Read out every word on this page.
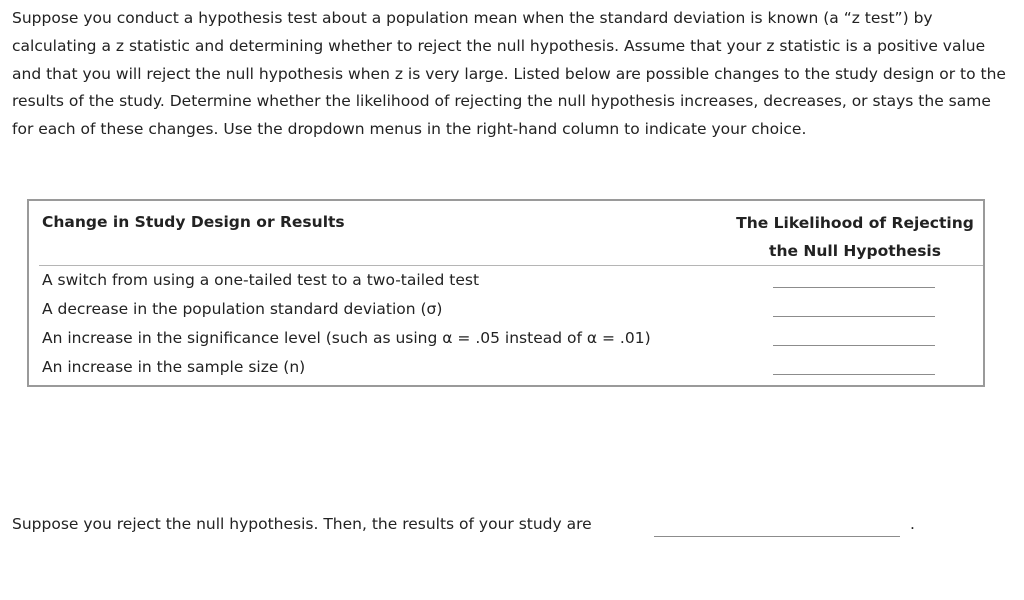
Suppose you conduct a hypothesis test about a population mean when the standard deviation is known (a “z test”) by calculating a z statistic and determining whether to reject the null hypothesis. Assume that your z statistic is a positive value and that you will reject the null hypothesis when z is very large. Listed below are possible changes to the study design or to the results of the study. Determine whether the likelihood of rejecting the null hypothesis increases, decreases, or stays the same for each of these changes. Use the dropdown menus in the right-hand column to indicate your choice.

Change in Study Design or Results	The Likelihood of Rejecting
the Null Hypothesis
A switch from using a one-tailed test to a two-tailed test
A decrease in the population standard deviation (σ)
An increase in the significance level (such as using α = .05 instead of α = .01)
An increase in the sample size (n)
Suppose you reject the null hypothesis. Then, the results of your study are	.
